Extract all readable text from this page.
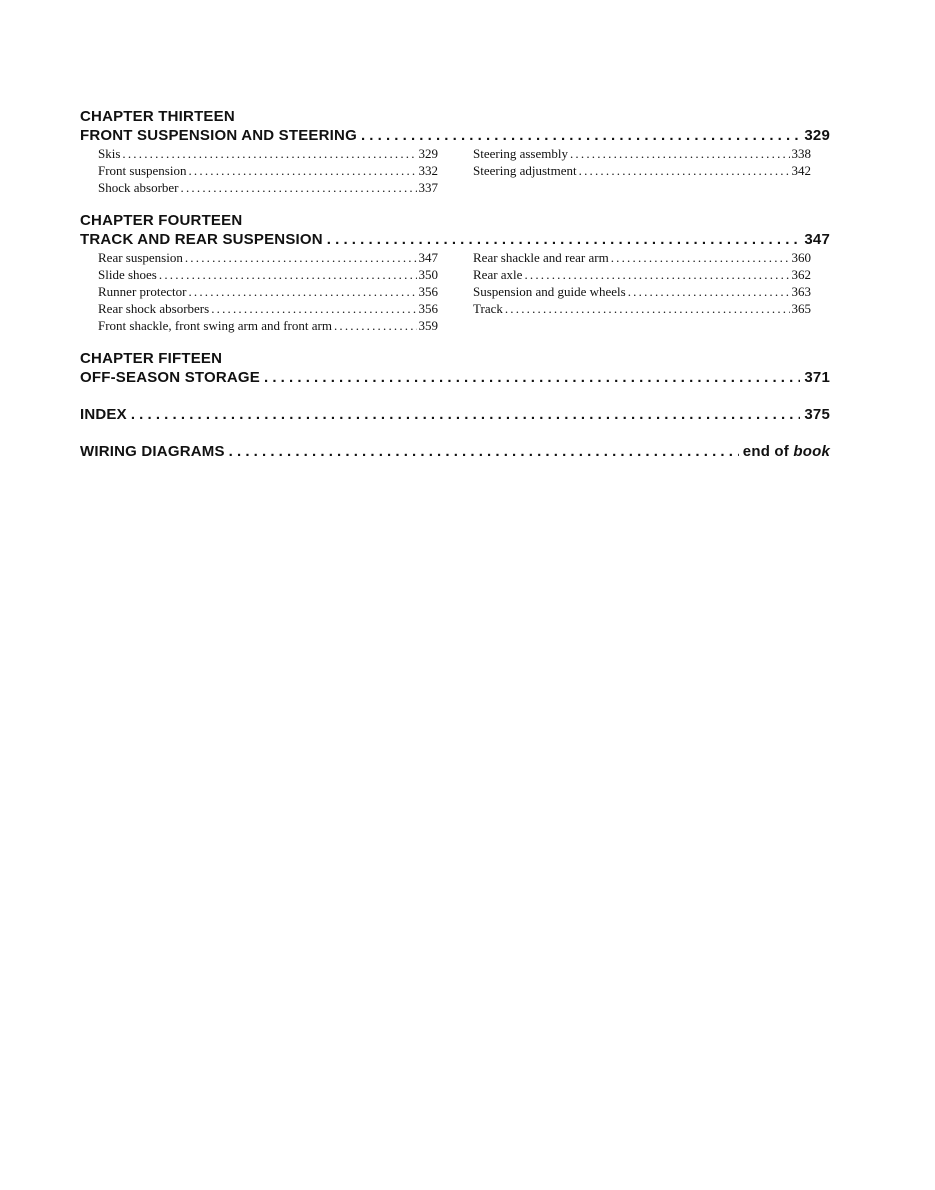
CHAPTER THIRTEEN
FRONT SUSPENSION AND STEERING . . .	329
Skis .....	329
Front suspension .....	332
Shock absorber .....	337
Steering assembly .....	338
Steering adjustment .....	342
CHAPTER FOURTEEN
TRACK AND REAR SUSPENSION . . .	347
Rear suspension .....	347
Slide shoes .....	350
Runner protector .....	356
Rear shock absorbers .....	356
Front shackle, front swing arm and front arm .....	359
Rear shackle and rear arm .....	360
Rear axle .....	362
Suspension and guide wheels .....	363
Track .....	365
CHAPTER FIFTEEN
OFF-SEASON STORAGE . . .	371
INDEX . . .	375
WIRING DIAGRAMS . . .	end of book
